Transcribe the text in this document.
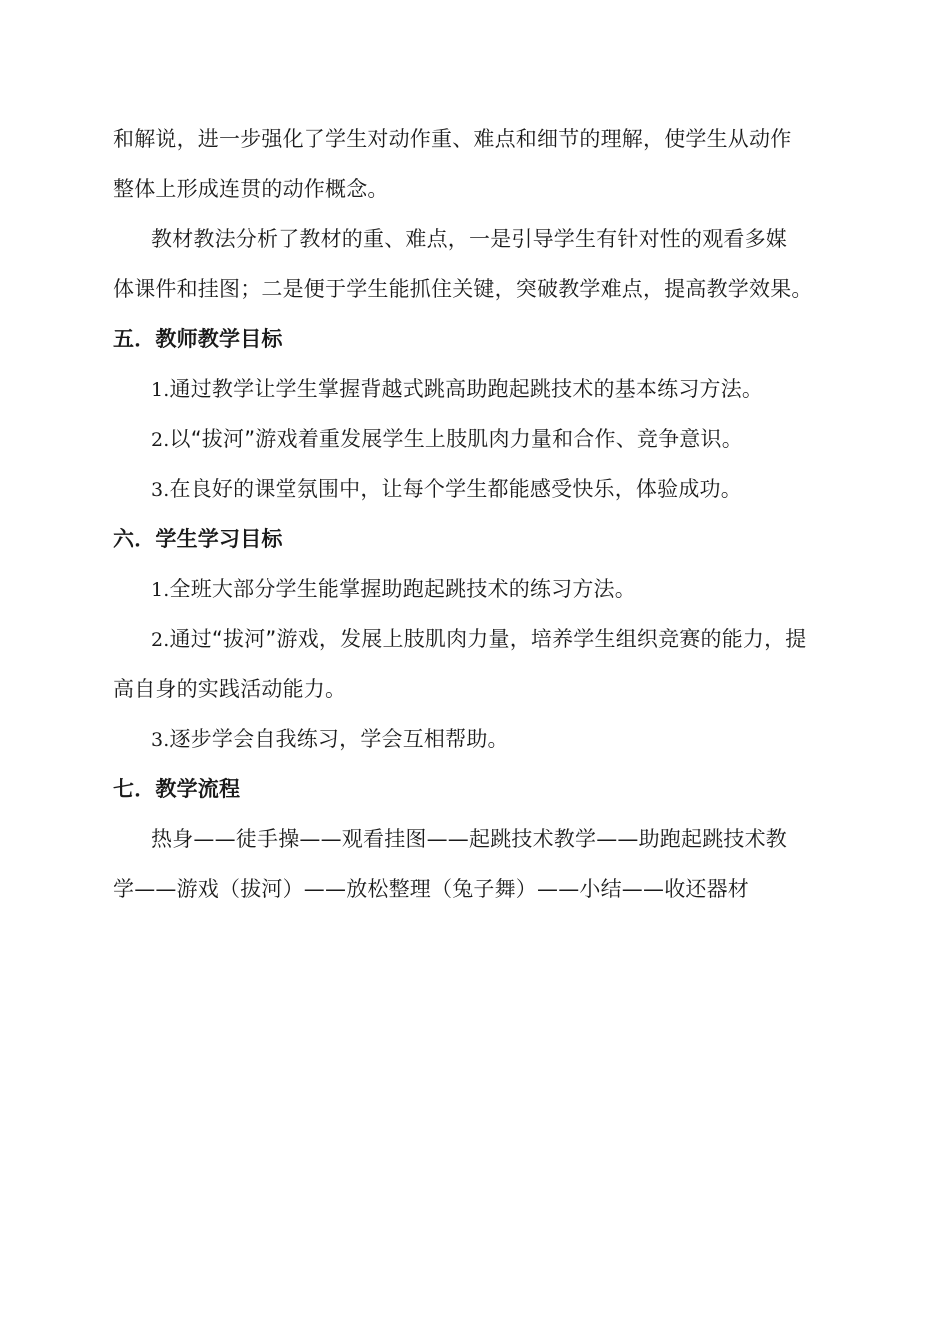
和解说，进一步强化了学生对动作重、难点和细节的理解，使学生从动作
整体上形成连贯的动作概念。
教材教法分析了教材的重、难点，一是引导学生有针对性的观看多媒
体课件和挂图；二是便于学生能抓住关键，突破教学难点，提高教学效果。
五．教师教学目标
1.通过教学让学生掌握背越式跳高助跑起跳技术的基本练习方法。
2.以“拔河”游戏着重发展学生上肢肌肉力量和合作、竞争意识。
3.在良好的课堂氛围中，让每个学生都能感受快乐，体验成功。
六．学生学习目标
1.全班大部分学生能掌握助跑起跳技术的练习方法。
2.通过“拔河”游戏，发展上肢肌肉力量，培养学生组织竞赛的能力，提
高自身的实践活动能力。
3.逐步学会自我练习，学会互相帮助。
七．教学流程
热身——徒手操——观看挂图——起跳技术教学——助跑起跳技术教
学——游戏（拔河）——放松整理（兔子舞）——小结——收还器材
